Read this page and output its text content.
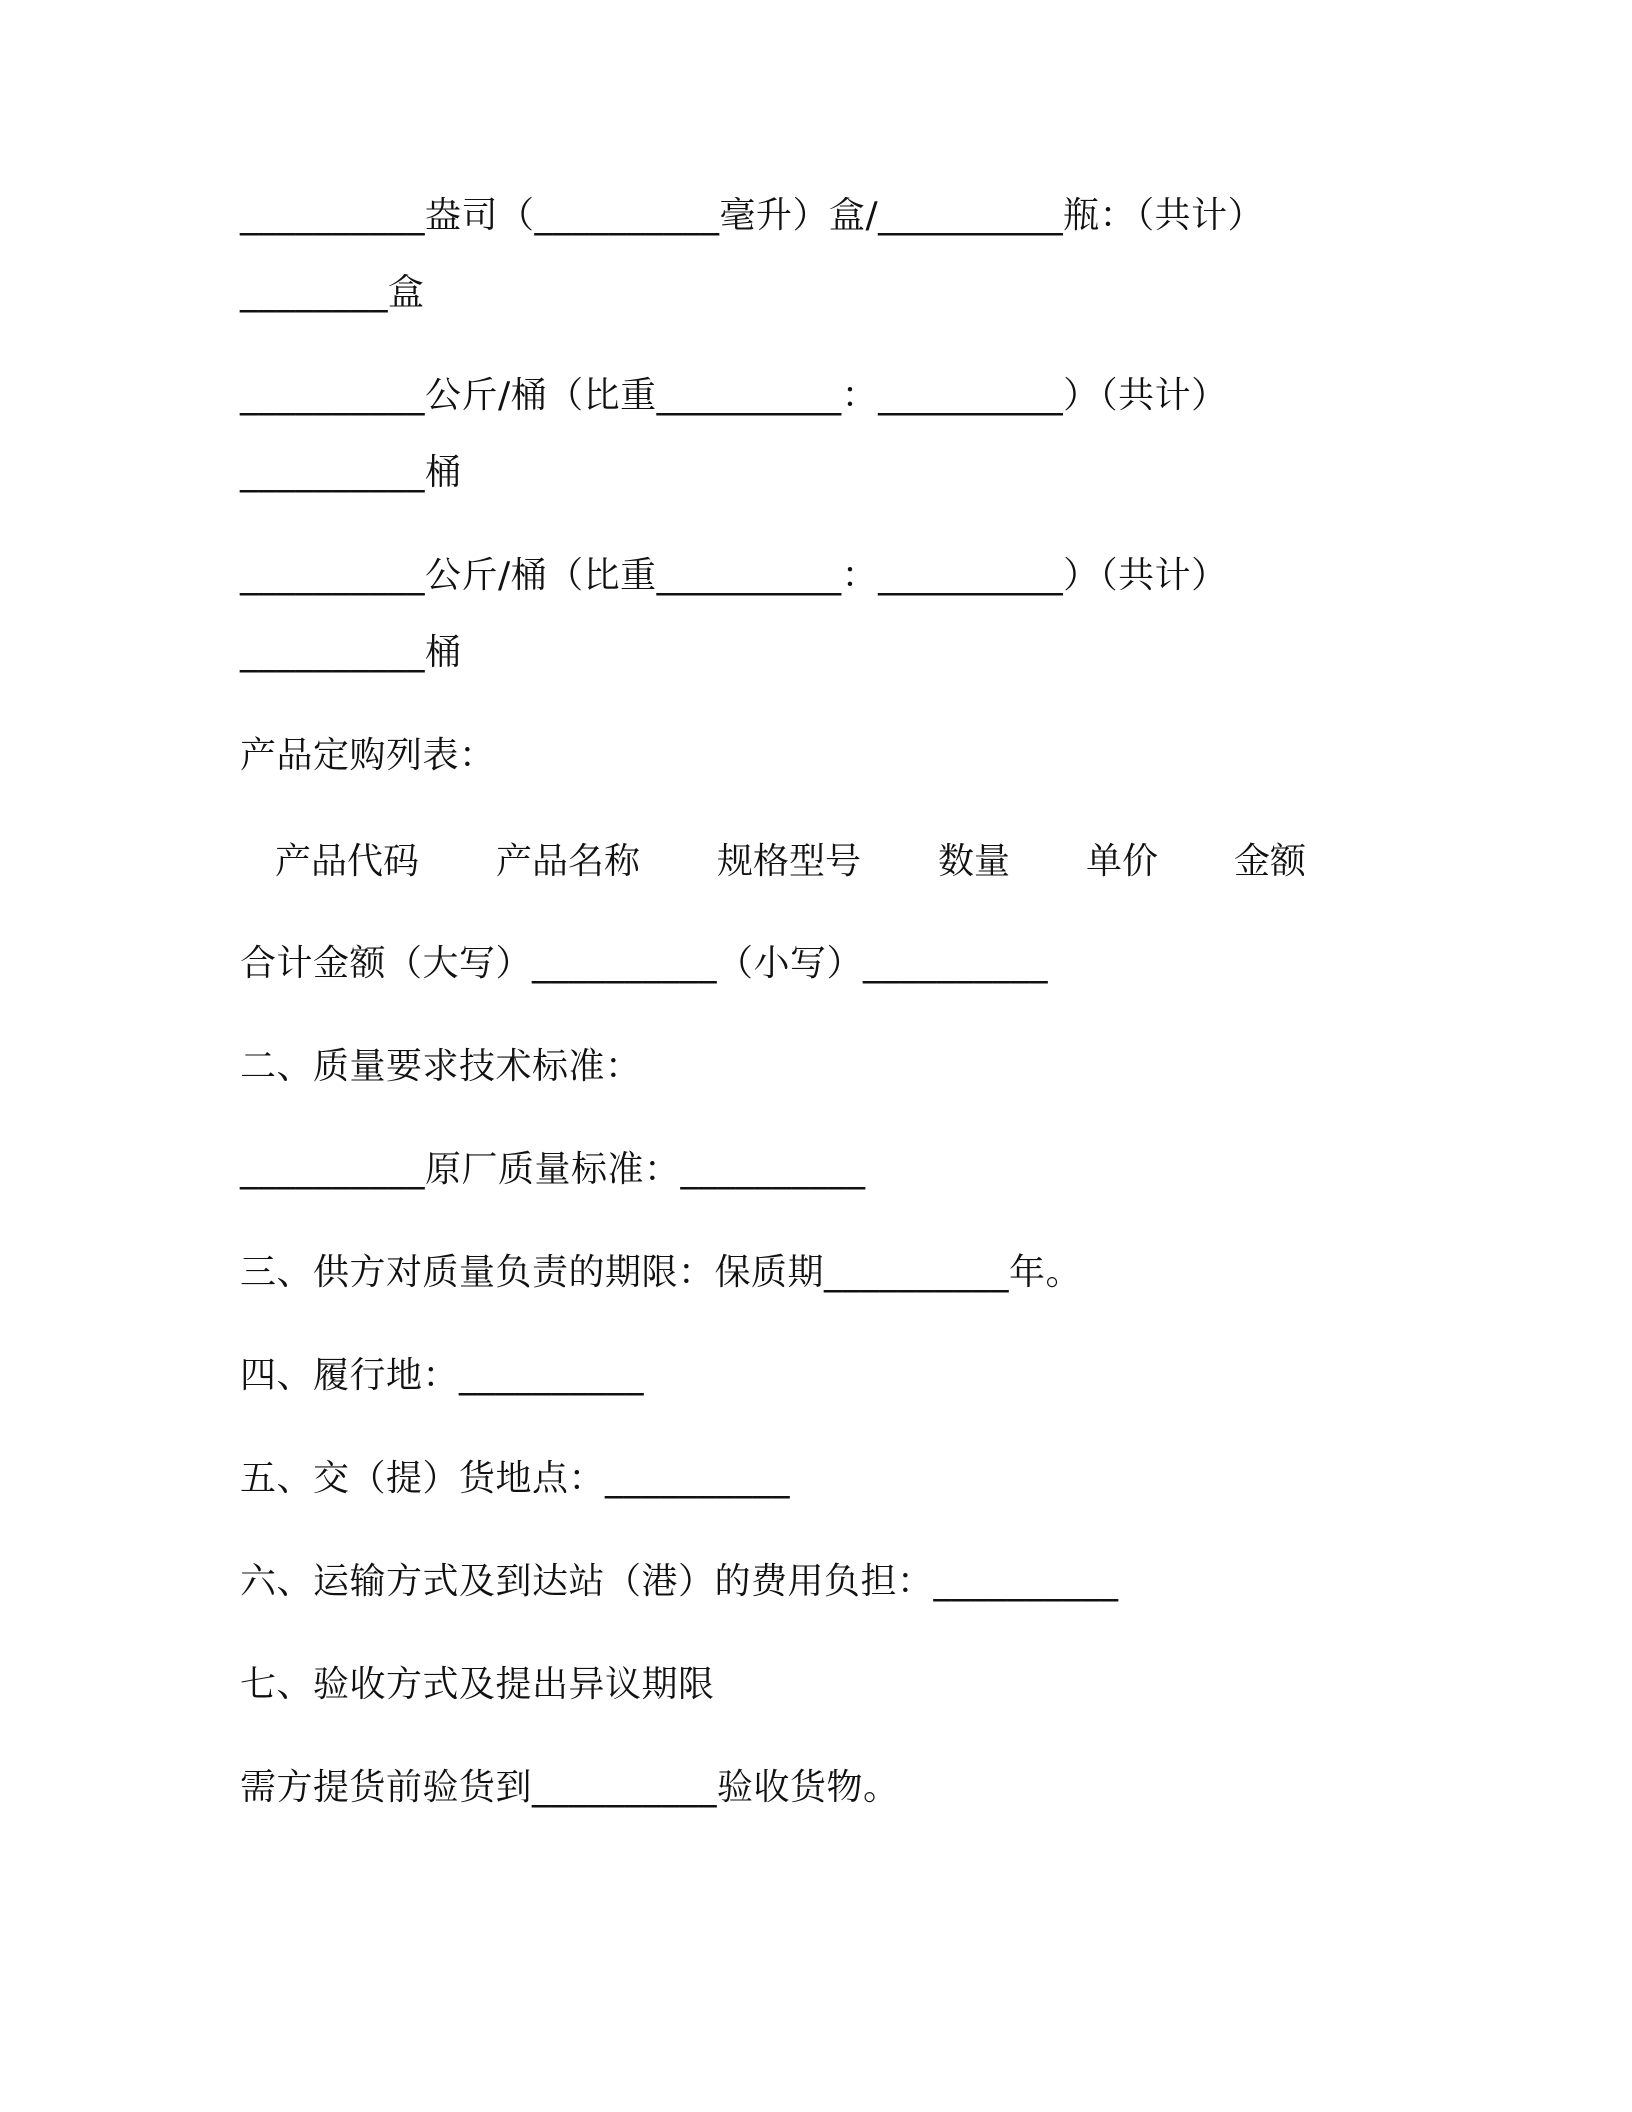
__________盎司（__________毫升）盒/__________瓶：（共计）
________盒
__________公斤/桶（比重__________：__________）（共计）
__________桶
__________公斤/桶（比重__________：__________）（共计）
__________桶
产品定购列表：
产品代码 产品名称 规格型号 数量 单价 金额
合计金额（大写）__________（小写）__________
二、质量要求技术标准：
__________原厂质量标准：__________
三、供方对质量负责的期限：保质期__________年。
四、履行地：__________
五、交（提）货地点：__________
六、运输方式及到达站（港）的费用负担：__________
七、验收方式及提出异议期限
需方提货前验货到__________验收货物。
